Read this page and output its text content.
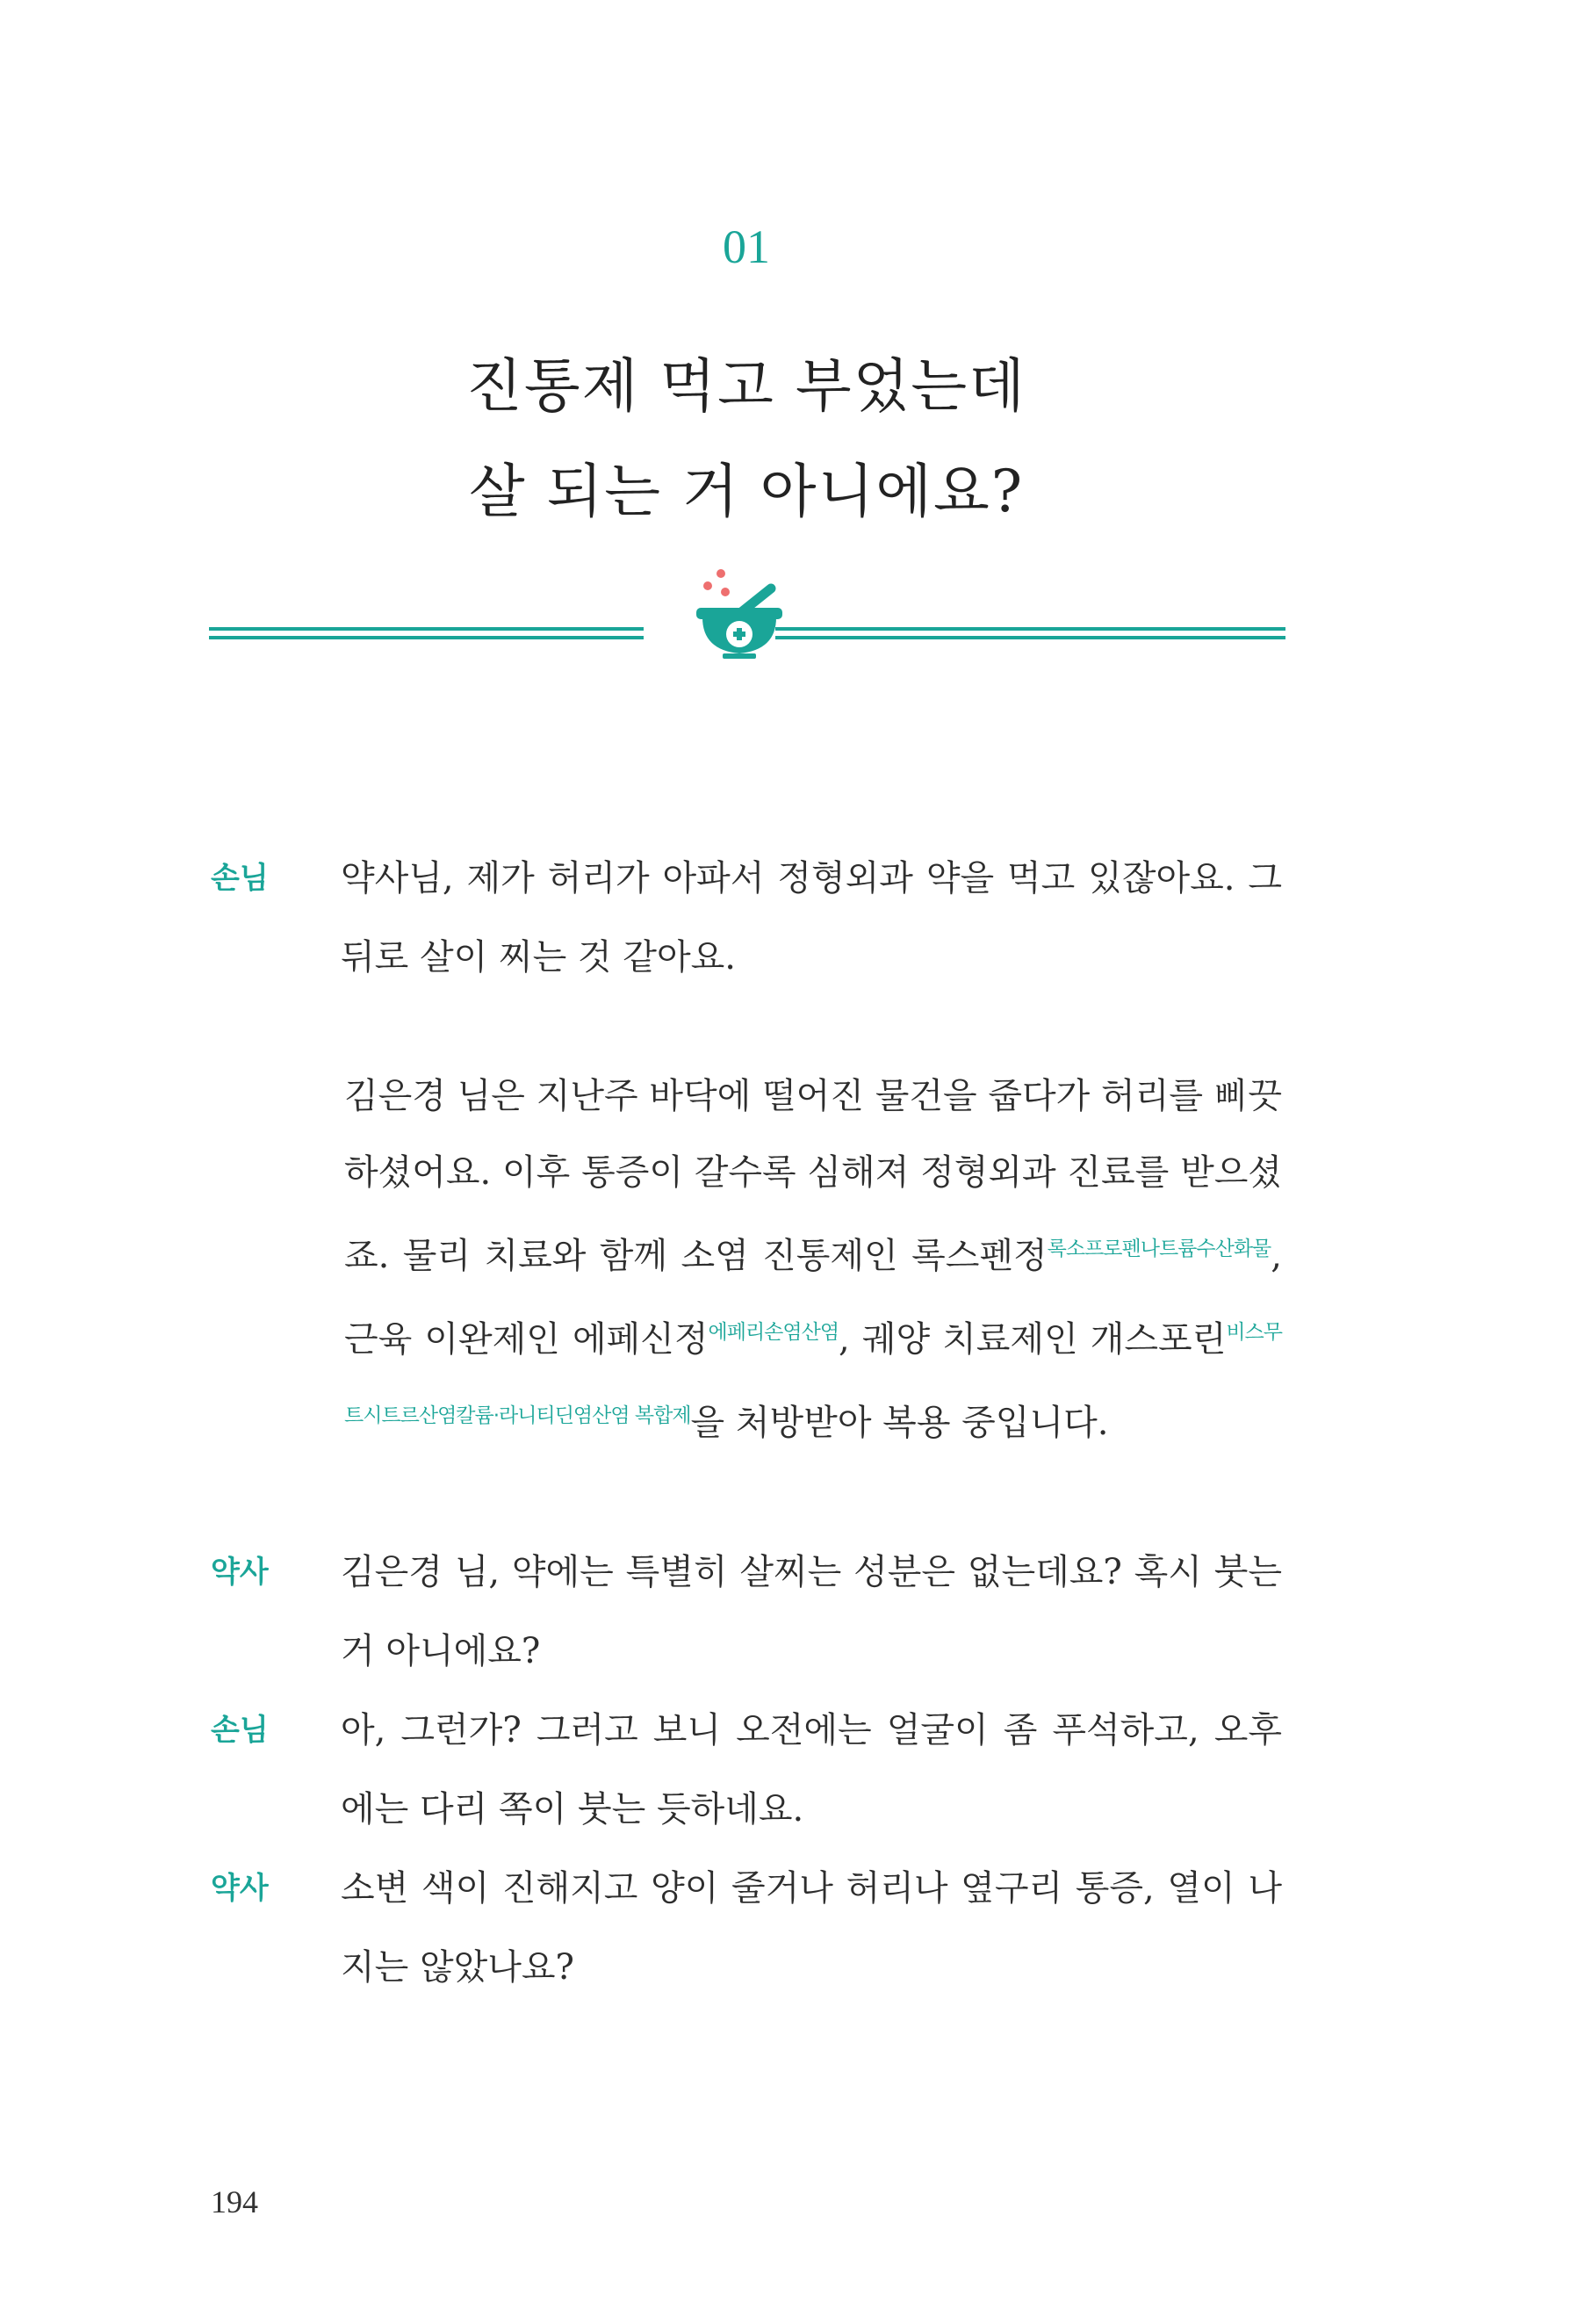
01
진통제 먹고 부었는데
살 되는 거 아니에요?
손님	약사님, 제가 허리가 아파서 정형외과 약을 먹고 있잖아요. 그 뒤로 살이 찌는 것 같아요.
김은경 님은 지난주 바닥에 떨어진 물건을 줍다가 허리를 삐끗하셨어요. 이후 통증이 갈수록 심해져 정형외과 진료를 받으셨죠. 물리 치료와 함께 소염 진통제인 록스펜정$^{록소프로펜나트륨수산화물}$, 근육 이완제인 에페신정$^{에페리손염산염}$, 궤양 치료제인 개스포린$^{비스무트시트르산염칼륨\cdot 라니티딘염산염 복합제}$을 처방받아 복용 중입니다.
약사	김은경 님, 약에는 특별히 살찌는 성분은 없는데요? 혹시 붓는 거 아니에요?
손님	아, 그런가? 그러고 보니 오전에는 얼굴이 좀 푸석하고, 오후에는 다리 쪽이 붓는 듯하네요.
약사	소변 색이 진해지고 양이 줄거나 허리나 옆구리 통증, 열이 나지는 않았나요?
194
